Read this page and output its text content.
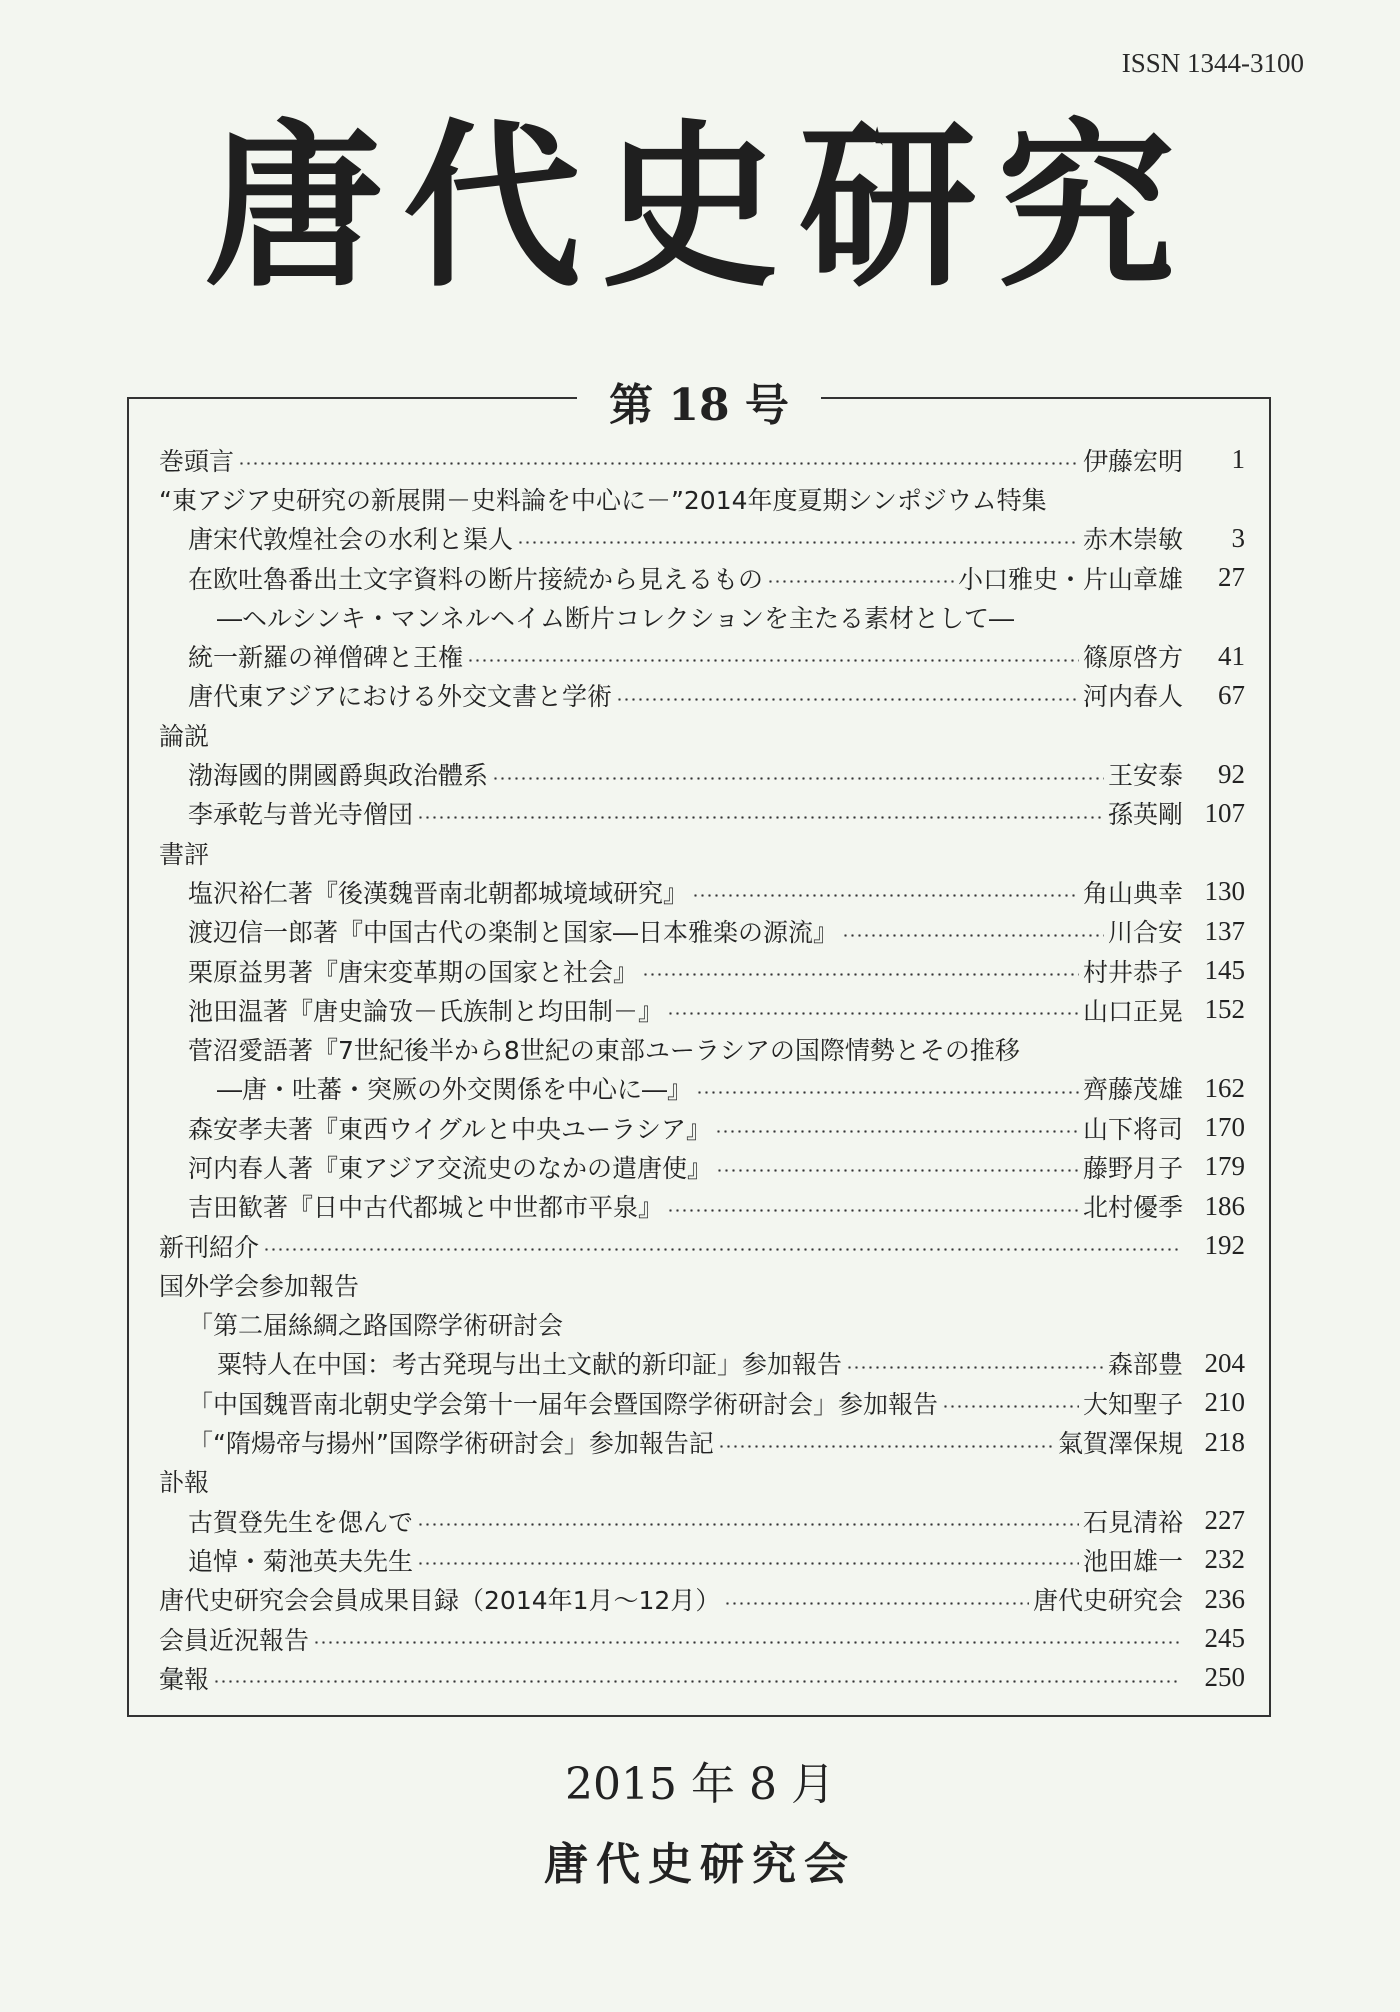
ISSN 1344-3100
唐代史研究
第 18 号
巻頭言	伊藤宏明	1
“東アジア史研究の新展開－史料論を中心に－”2014年度夏期シンポジウム特集
唐宋代敦煌社会の水利と渠人	赤木崇敏	3
在欧吐魯番出土文字資料の断片接続から見えるもの	小口雅史・片山章雄	27
―ヘルシンキ・マンネルヘイム断片コレクションを主たる素材として―
統一新羅の禅僧碑と王権	篠原啓方	41
唐代東アジアにおける外交文書と学術	河内春人	67
論説
渤海國的開國爵與政治體系	王安泰	92
李承乾与普光寺僧団	孫英剛 107
書評
塩沢裕仁著『後漢魏晋南北朝都城境域研究』	角山典幸 130
渡辺信一郎著『中国古代の楽制と国家―日本雅楽の源流』	川合安 137
栗原益男著『唐宋変革期の国家と社会』	村井恭子 145
池田温著『唐史論攷－氏族制と均田制－』	山口正晃 152
菅沼愛語著『7世紀後半から8世紀の東部ユーラシアの国際情勢とその推移
―唐・吐蕃・突厥の外交関係を中心に―』	齊藤茂雄 162
森安孝夫著『東西ウイグルと中央ユーラシア』	山下将司 170
河内春人著『東アジア交流史のなかの遣唐使』	藤野月子 179
吉田歓著『日中古代都城と中世都市平泉』	北村優季 186
新刊紹介	192
国外学会参加報告
「第二届絲綢之路国際学術研討会
粟特人在中国：考古発現与出土文献的新印証」参加報告	森部豊 204
「中国魏晋南北朝史学会第十一届年会暨国際学術研討会」参加報告	大知聖子 210
「“隋煬帝与揚州”国際学術研討会」参加報告記	氣賀澤保規 218
訃報
古賀登先生を偲んで	石見清裕 227
追悼・菊池英夫先生	池田雄一 232
唐代史研究会会員成果目録（2014年1月～12月）	唐代史研究会 236
会員近況報告	245
彙報	250
2015 年 8 月
唐代史研究会
